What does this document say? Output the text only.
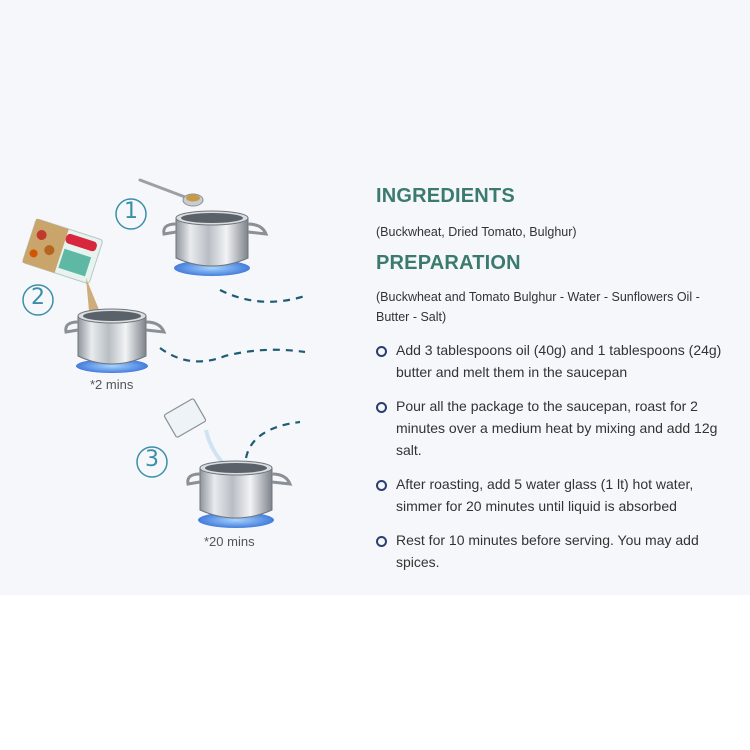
1
2
3
*2 mins
*20 mins
INGREDIENTS
(Buckwheat, Dried Tomato, Bulghur)
PREPARATION
(Buckwheat and Tomato Bulghur - Water - Sunflowers Oil - Butter - Salt)
Add 3 tablespoons oil (40g) and 1 tablespoons (24g) butter and melt them in the saucepan
Pour all the package to the saucepan, roast for 2 minutes over a medium heat by mixing and add 12g salt.
After roasting, add 5 water glass (1 lt) hot water, simmer for 20 minutes until liquid is absorbed
Rest for 10 minutes before serving. You may add spices.
